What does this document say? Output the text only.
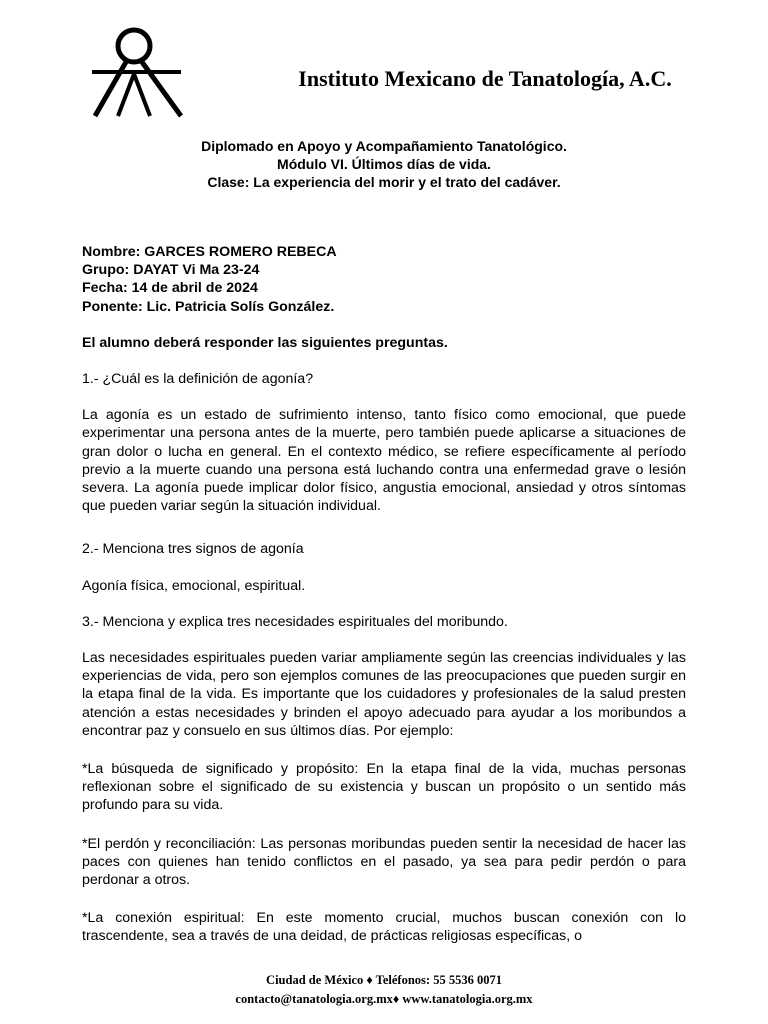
Instituto Mexicano de Tanatología, A.C.
Diplomado en Apoyo y Acompañamiento Tanatológico.
Módulo VI. Últimos días de vida.
Clase: La experiencia del morir y el trato del cadáver.

Nombre: GARCES ROMERO REBECA

Grupo: DAYAT Vi Ma 23-24

Fecha: 14 de abril de 2024

Ponente: Lic. Patricia Solís González.

El alumno deberá responder las siguientes preguntas.

1.- ¿Cuál es la definición de agonía?

La agonía es un estado de sufrimiento intenso, tanto físico como emocional, que puede experimentar una persona antes de la muerte, pero también puede aplicarse a situaciones de gran dolor o lucha en general. En el contexto médico, se refiere específicamente al período previo a la muerte cuando una persona está luchando contra una enfermedad grave o lesión severa. La agonía puede implicar dolor físico, angustia emocional, ansiedad y otros síntomas que pueden variar según la situación individual.

2.- Menciona tres signos de agonía

Agonía física, emocional, espiritual.

3.- Menciona y explica tres necesidades espirituales del moribundo.

Las necesidades espirituales pueden variar ampliamente según las creencias individuales y las experiencias de vida, pero son ejemplos comunes de las preocupaciones que pueden surgir en la etapa final de la vida. Es importante que los cuidadores y profesionales de la salud presten atención a estas necesidades y brinden el apoyo adecuado para ayudar a los moribundos a encontrar paz y consuelo en sus últimos días. Por ejemplo:

*La búsqueda de significado y propósito: En la etapa final de la vida, muchas personas reflexionan sobre el significado de su existencia y buscan un propósito o un sentido más profundo para su vida.

*El perdón y reconciliación: Las personas moribundas pueden sentir la necesidad de hacer las paces con quienes han tenido conflictos en el pasado, ya sea para pedir perdón o para perdonar a otros.

*La conexión espiritual: En este momento crucial, muchos buscan conexión con lo trascendente, sea a través de una deidad, de prácticas religiosas específicas, o

Ciudad de México ♦ Teléfonos: 55 5536 0071
contacto@tanatologia.org.mx♦ www.tanatologia.org.mx
